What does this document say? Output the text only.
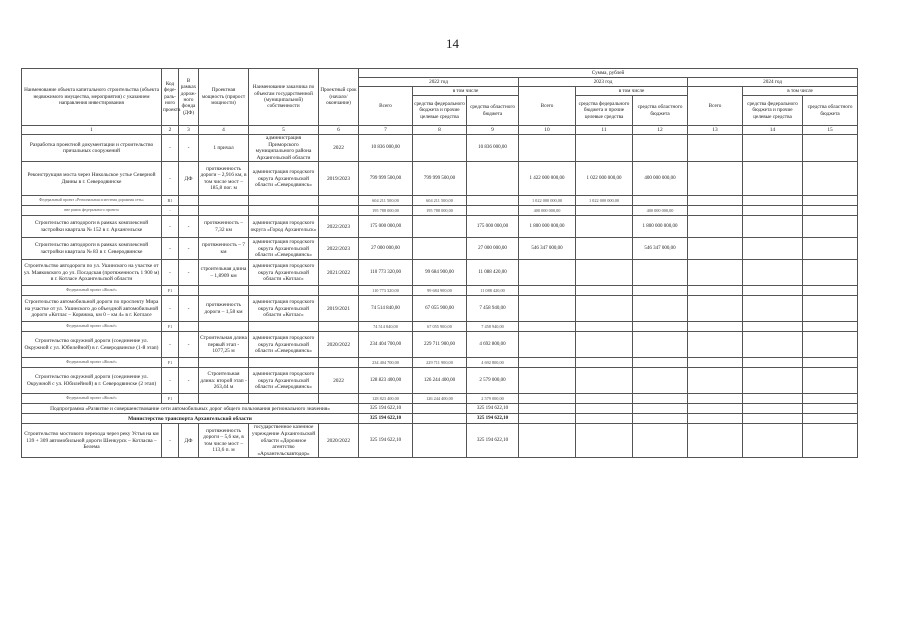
14
Наименование объекта капитального строительства (объекта недвижимого имущества, мероприятия) с указанием направления инвестирования	Код феде-раль-ного проекта	В рамках дорож-ного фонда (ДФ)	Проектная мощность (прирост мощности)	Наименование заказчика по объектам государственной (муниципальной) собственности	Проектный срок (начало/ окончание)	Сумма, рублей								
						2022 год			2023 год			2024 год		
						Всего	в том числе		Всего	в том числе		Всего	в том числе	
							средства федерального бюджета и прочие целевые средства	средства областного бюджета		средства федерального бюджета и прочие целевые средства	средства областного бюджета		средства федерального бюджета и прочие целевые средства	средства областного бюджета
1	2	3	4	5	6	7	8	9	10	11	12	13	14	15
Разработка проектной документации и строительство причальных сооружений	-	-	1 причал	администрация Приморского муниципального района Архангельской области	2022	10 836 000,00		10 836 000,00						
Реконструкция моста через Никольское устье Северной Двины в г. Северодвинске	-	ДФ	протяженность дороги – 2,916 км, в том числе мост – 185,8 пог. м	администрация городского округа Архангельской области «Северодвинск»	2019/2023	799 999 500,00	799 999 500,00		1 422 000 000,00	1 022 000 000,00	400 000 000,00			
Федеральный проект «Региональная и местная дорожная сеть»	R1					604 211 500,00	604 211 500,00		1 022 000 000,00	1 022 000 000,00				
вне рамок федерального проекта	-					195 788 000,00	195 788 000,00		400 000 000,00		400 000 000,00			
Строительство автодороги в рамках комплексной застройки квартала № 152 в г. Архангельске	-	-	протяженность – 7,32 км	администрация городского округа «Город Архангельск»	2022/2023	175 000 000,00		175 000 000,00	1 800 000 000,00		1 800 000 000,00			
Строительство автодороги в рамках комплексной застройки квартала № 83 в г. Северодвинске	-	-	протяженность – 7 км	администрация городского округа Архангельской области «Северодвинск»	2022/2023	27 000 000,00		27 000 000,00	546 347 000,00		546 347 000,00			
Строительство автодороги по ул. Ушинского на участке от ул. Маяковского до ул. Посадская (протяженность 1 900 м) в г. Котласе Архангельской области	-	-	строительная длина – 1,8909 км	администрация городского округа Архангельской области «Котлас»	2021/2022	110 773 320,00	99 684 900,00	11 088 420,00						
Федеральный проект «Жильё»	F1					110 773 320,00	99 684 900,00	11 088 420,00						
Строительство автомобильной дороги по проспекту Мира на участке от ул. Ушинского до объездной автомобильной дороги «Котлас – Коряжма, км 0 – км 4» в г. Котласе	-	-	протяженность дороги – 1,58 км	администрация городского округа Архангельской области «Котлас»	2019/2021	74 514 840,00	67 055 900,00	7 458 940,00						
Федеральный проект «Жильё»	F1					74 514 840,00	67 055 900,00	7 458 940,00						
Строительство окружной дороги (соединение ул. Окружной с ул. Юбилейной) в г. Северодвинске (1-й этап)	-	-	Строительная длина первый этап - 1077,25 м	администрация городского округа Архангельской области «Северодвинск»	2020/2022	234 404 700,00	229 711 900,00	4 692 800,00						
Федеральный проект «Жильё»	F1					234 404 700,00	229 711 900,00	4 692 800,00						
Строительство окружной дороги (соединение ул. Окружной с ул. Юбилейной) в г. Северодвинске (2 этап)	-	-	Строительная длина: второй этап - 263,44 м	администрация городского округа Архангельской области «Северодвинск»	2022	128 823 400,00	126 244 400,00	2 579 000,00						
Федеральный проект «Жильё»	F1					128 823 400,00	126 244 400,00	2 579 000,00						
Подпрограмма «Развитие и совершенствование сети автомобильных дорог общего пользования регионального значения»						325 194 622,10		325 194 622,10						
Министерство транспорта Архангельской области						325 194 622,10		325 194 622,10						
Строительство мостового перехода через реку Устья на км 139 + 309 автомобильной дороги Шенкурск – Котласва – Белема	-	ДФ	протяженность дороги – 5,6 км, в том числе мост – 113,6 п. м	государственное казенное учреждение Архангельской области «Дорожное агентство «Архангельскавтодор»	2020/2022	325 194 622,10		325 194 622,10						
